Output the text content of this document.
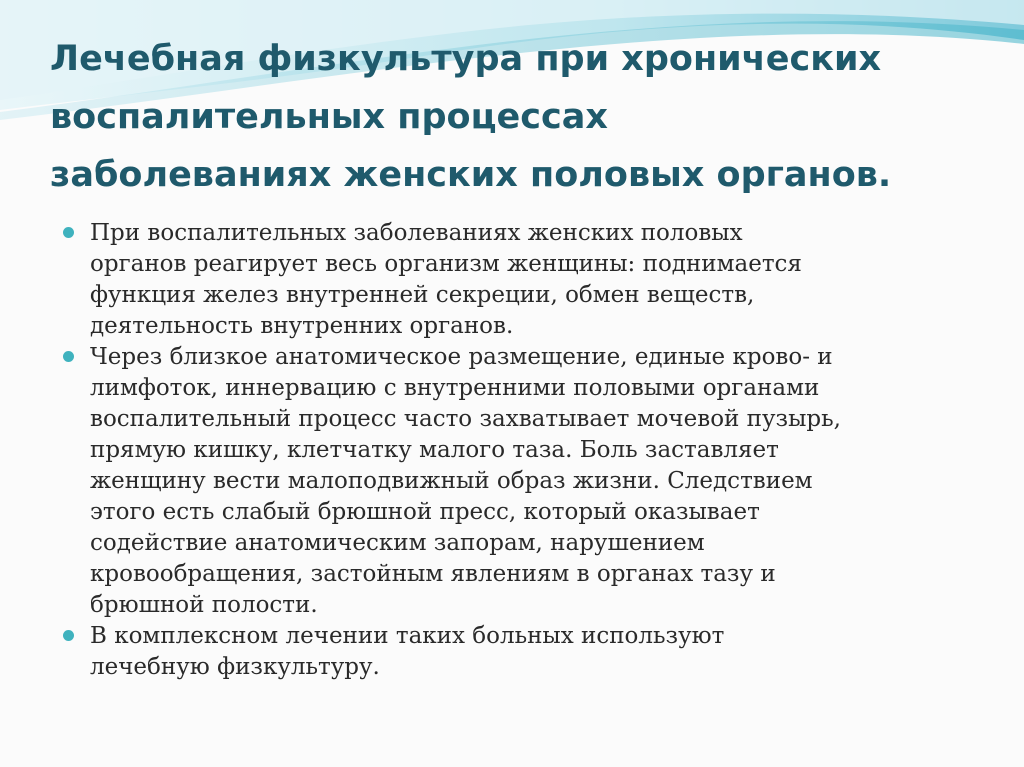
Лечебная физкультура при хронических
воспалительных процессах
заболеваниях женских половых органов.
При воспалительных заболеваниях женских половых
органов реагирует весь организм женщины: поднимается
функция желез внутренней секреции, обмен веществ,
деятельность внутренних органов.
Через близкое анатомическое размещение, единые крово- и
лимфоток, иннервацию с внутренними половыми органами
воспалительный процесс часто захватывает мочевой пузырь,
прямую кишку, клетчатку малого таза. Боль заставляет
женщину вести малоподвижный образ жизни. Следствием
этого есть слабый брюшной пресс, который оказывает
содействие анатомическим запорам, нарушением
кровообращения, застойным явлениям в органах тазу и
брюшной полости.
В комплексном лечении таких больных используют
лечебную физкультуру.
